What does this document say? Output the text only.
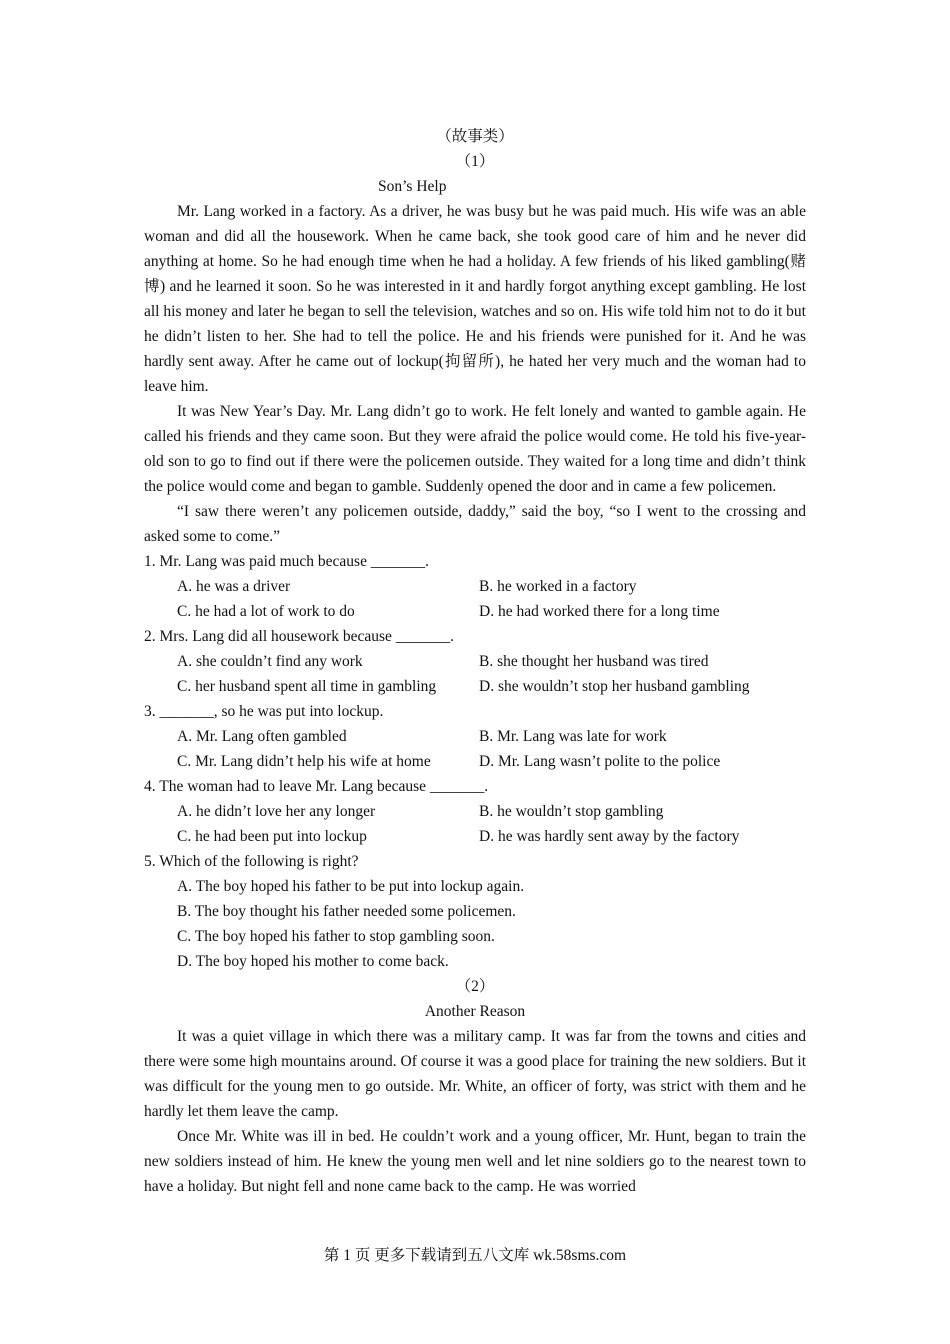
（故事类）
（1）
Son’s Help

Mr. Lang worked in a factory. As a driver, he was busy but he was paid much. His wife was an able woman and did all the housework. When he came back, she took good care of him and he never did anything at home. So he had enough time when he had a holiday. A few friends of his liked gambling(赌博) and he learned it soon. So he was interested in it and hardly forgot anything except gambling. He lost all his money and later he began to sell the television, watches and so on. His wife told him not to do it but he didn’t listen to her. She had to tell the police. He and his friends were punished for it. And he was hardly sent away. After he came out of lockup(拘留所), he hated her very much and the woman had to leave him.

It was New Year’s Day. Mr. Lang didn’t go to work. He felt lonely and wanted to gamble again. He called his friends and they came soon. But they were afraid the police would come. He told his five-year-old son to go to find out if there were the policemen outside. They waited for a long time and didn’t think the police would come and began to gamble. Suddenly opened the door and in came a few policemen.

“I saw there weren’t any policemen outside, daddy,” said the boy, “so I went to the crossing and asked some to come.”

1. Mr. Lang was paid much because _______.
A. he was a driver	B. he worked in a factory
C. he had a lot of work to do	D. he had worked there for a long time
2. Mrs. Lang did all housework because _______.
A. she couldn’t find any work	B. she thought her husband was tired
C. her husband spent all time in gambling	D. she wouldn’t stop her husband gambling
3. _______, so he was put into lockup.
A. Mr. Lang often gambled	B. Mr. Lang was late for work
C. Mr. Lang didn’t help his wife at home	D. Mr. Lang wasn’t polite to the police
4. The woman had to leave Mr. Lang because _______.
A. he didn’t love her any longer	B. he wouldn’t stop gambling
C. he had been put into lockup	D. he was hardly sent away by the factory
5. Which of the following is right?
A. The boy hoped his father to be put into lockup again.
B. The boy thought his father needed some policemen.
C. The boy hoped his father to stop gambling soon.
D. The boy hoped his mother to come back.
（2）
Another Reason

It was a quiet village in which there was a military camp. It was far from the towns and cities and there were some high mountains around. Of course it was a good place for training the new soldiers. But it was difficult for the young men to go outside. Mr. White, an officer of forty, was strict with them and he hardly let them leave the camp.

Once Mr. White was ill in bed. He couldn’t work and a young officer, Mr. Hunt, began to train the new soldiers instead of him. He knew the young men well and let nine soldiers go to the nearest town to have a holiday. But night fell and none came back to the camp. He was worried

第 1 页 更多下载请到五八文库 wk.58sms.com
